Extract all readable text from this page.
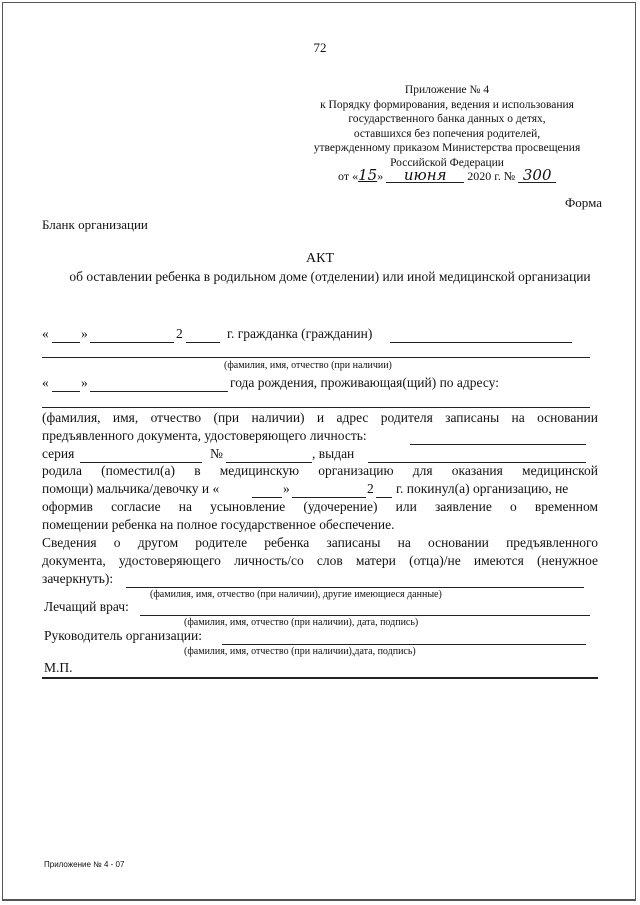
72
Приложение № 4
к Порядку формирования, ведения и использования
государственного банка данных о детях,
оставшихся без попечения родителей,
утвержденному приказом Министерства просвещения
Российской Федерации
от «15» июня 2020 г. № 300
Форма
Бланк организации
АКТ
об оставлении ребенка в родильном доме (отделении) или иной медицинской организации
« »	2	г. гражданка (гражданин)
(фамилия, имя, отчество (при наличии)
« »	года рождения, проживающая(щий) по адресу:
(фамилия, имя, отчество (при наличии) и адрес родителя записаны на основании
предъявленного документа, удостоверяющего личность:
серия	№	, выдан
родила (поместил(а) в медицинскую организацию для оказания медицинской
помощи) мальчика/девочку и «	»	2 г. покинул(а) организацию, не
оформив согласие на усыновление (удочерение) или заявление о временном
помещении ребенка на полное государственное обеспечение.
Сведения о другом родителе ребенка записаны на основании предъявленного
документа, удостоверяющего личность/со слов матери (отца)/не имеются (ненужное
зачеркнуть):
(фамилия, имя, отчество (при наличии), другие имеющиеся данные)
Лечащий врач:
(фамилия, имя, отчество (при наличии), дата, подпись)
Руководитель организации:
(фамилия, имя, отчество (при наличии),дата, подпись)
М.П.
Приложение № 4 - 07
